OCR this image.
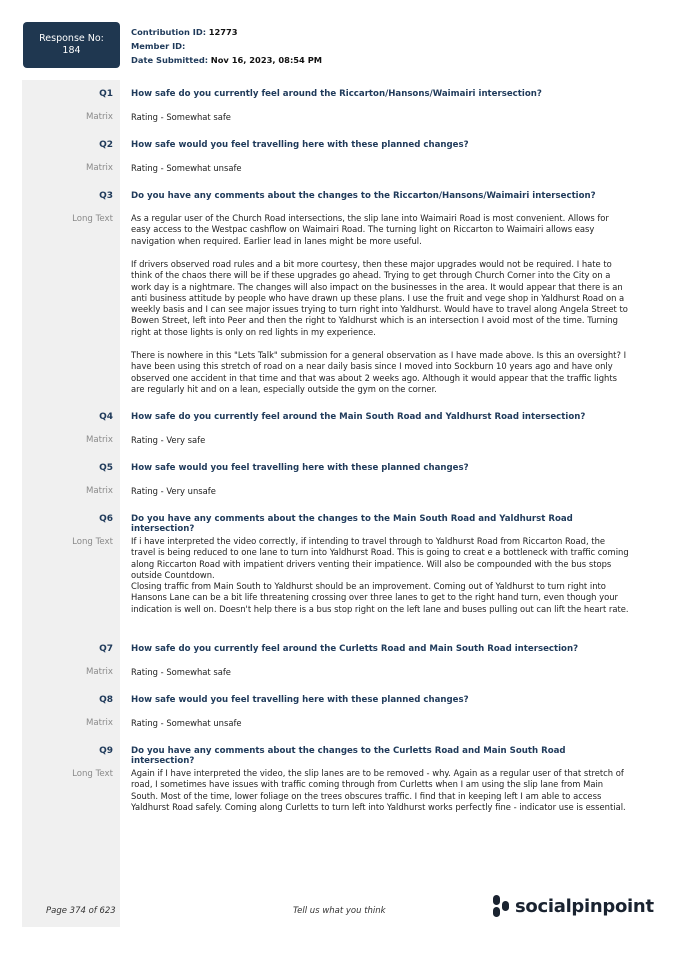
Response No:
184
Contribution ID: 12773
Member ID:
Date Submitted: Nov 16, 2023, 08:54 PM
Q1 How safe do you currently feel around the Riccarton/Hansons/Waimairi intersection?
Matrix Rating - Somewhat safe

Q2 How safe would you feel travelling here with these planned changes?
Matrix Rating - Somewhat unsafe

Q3 Do you have any comments about the changes to the Riccarton/Hansons/Waimairi intersection?
Long Text As a regular user of the Church Road intersections, the slip lane into Waimairi Road is most convenient. Allows for easy access to the Westpac cashflow on Waimairi Road. The turning light on Riccarton to Waimairi allows easy navigation when required. Earlier lead in lanes might be more useful.

If drivers observed road rules and a bit more courtesy, then these major upgrades would not be required. I hate to think of the chaos there will be if these upgrades go ahead. Trying to get through Church Corner into the City on a work day is a nightmare. The changes will also impact on the businesses in the area. It would appear that there is an anti business attitude by people who have drawn up these plans. I use the fruit and vege shop in Yaldhurst Road on a weekly basis and I can see major issues trying to turn right into Yaldhurst. Would have to travel along Angela Street to Bowen Street, left into Peer and then the right to Yaldhurst which is an intersection I avoid most of the time. Turning right at those lights is only on red lights in my experience.

There is nowhere in this "Lets Talk" submission for a general observation as I have made above. Is this an oversight? I have been using this stretch of road on a near daily basis since I moved into Sockburn 10 years ago and have only observed one accident in that time and that was about 2 weeks ago. Although it would appear that the traffic lights are regularly hit and on a lean, especially outside the gym on the corner.

Q4 How safe do you currently feel around the Main South Road and Yaldhurst Road intersection?
Matrix Rating - Very safe

Q5 How safe would you feel travelling here with these planned changes?
Matrix Rating - Very unsafe

Q6 Do you have any comments about the changes to the Main South Road and Yaldhurst Road intersection?
Long Text If i have interpreted the video correctly, if intending to travel through to Yaldhurst Road from Riccarton Road, the travel is being reduced to one lane to turn into Yaldhurst Road. This is going to creat e a bottleneck with traffic coming along Riccarton Road with impatient drivers venting their impatience. Will also be compounded with the bus stops outside Countdown.

Closing traffic from Main South to Yaldhurst should be an improvement. Coming out of Yaldhurst to turn right into Hansons Lane can be a bit life threatening crossing over three lanes to get to the right hand turn, even though your indication is well on. Doesn't help there is a bus stop right on the left lane and buses pulling out can lift the heart rate.

Q7 How safe do you currently feel around the Curletts Road and Main South Road intersection?
Matrix Rating - Somewhat safe

Q8 How safe would you feel travelling here with these planned changes?
Matrix Rating - Somewhat unsafe

Q9 Do you have any comments about the changes to the Curletts Road and Main South Road intersection?
Long Text Again if I have interpreted the video, the slip lanes are to be removed - why. Again as a regular user of that stretch of road, I sometimes have issues with traffic coming through from Curletts when I am using the slip lane from Main South. Most of the time, lower foliage on the trees obscures traffic. I find that in keeping left I am able to access Yaldhurst Road safely. Coming along Curletts to turn left into Yaldhurst works perfectly fine - indicator use is essential.

Page 374 of 623	Tell us what you think	socialpinpoint
